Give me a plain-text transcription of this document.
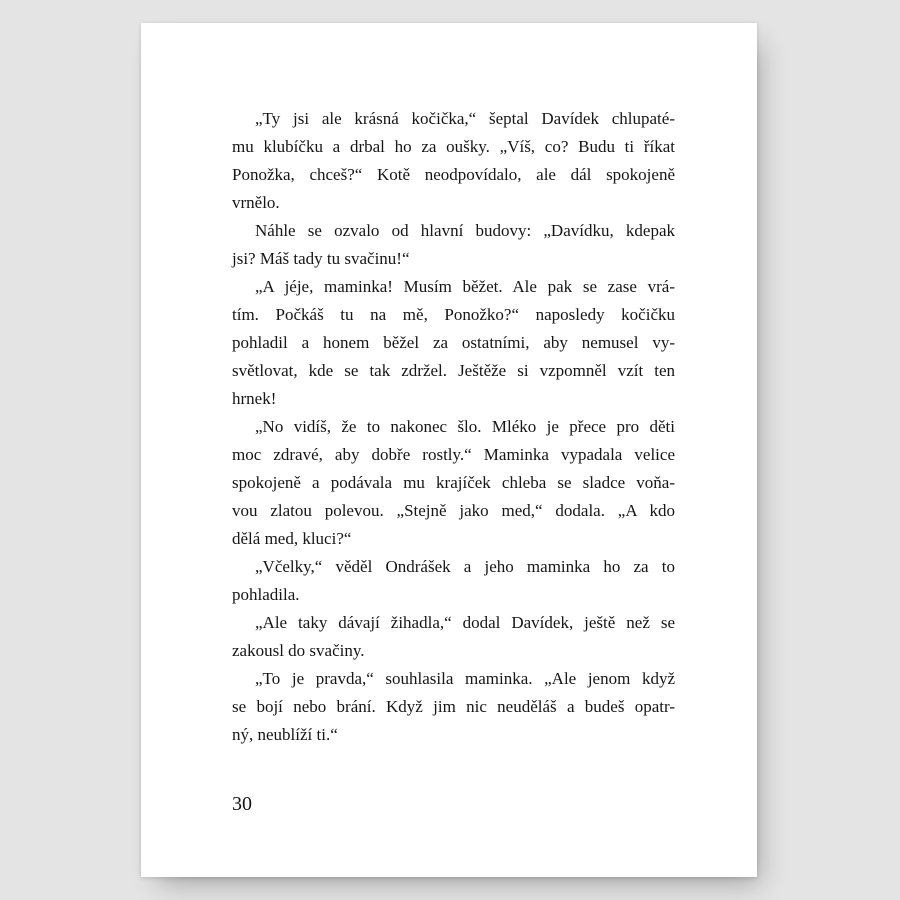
„Ty jsi ale krásná kočička,“ šeptal Davídek chlupaté-
mu klubíčku a drbal ho za oušky. „Víš, co? Budu ti říkat
Ponožka, chceš?“ Kotě neodpovídalo, ale dál spokojeně
vrnělo.
Náhle se ozvalo od hlavní budovy: „Davídku, kdepak
jsi? Máš tady tu svačinu!“
„A jéje, maminka! Musím běžet. Ale pak se zase vrá-
tím. Počkáš tu na mě, Ponožko?“ naposledy kočičku
pohladil a honem běžel za ostatními, aby nemusel vy-
světlovat, kde se tak zdržel. Ještěže si vzpomněl vzít ten
hrnek!
„No vidíš, že to nakonec šlo. Mléko je přece pro děti
moc zdravé, aby dobře rostly.“ Maminka vypadala velice
spokojeně a podávala mu krajíček chleba se sladce voňa-
vou zlatou polevou. „Stejně jako med,“ dodala. „A kdo
dělá med, kluci?“
„Včelky,“ věděl Ondrášek a jeho maminka ho za to
pohladila.
„Ale taky dávají žihadla,“ dodal Davídek, ještě než se
zakousl do svačiny.
„To je pravda,“ souhlasila maminka. „Ale jenom když
se bojí nebo brání. Když jim nic neuděláš a budeš opatr-
ný, neublíží ti.“
30
